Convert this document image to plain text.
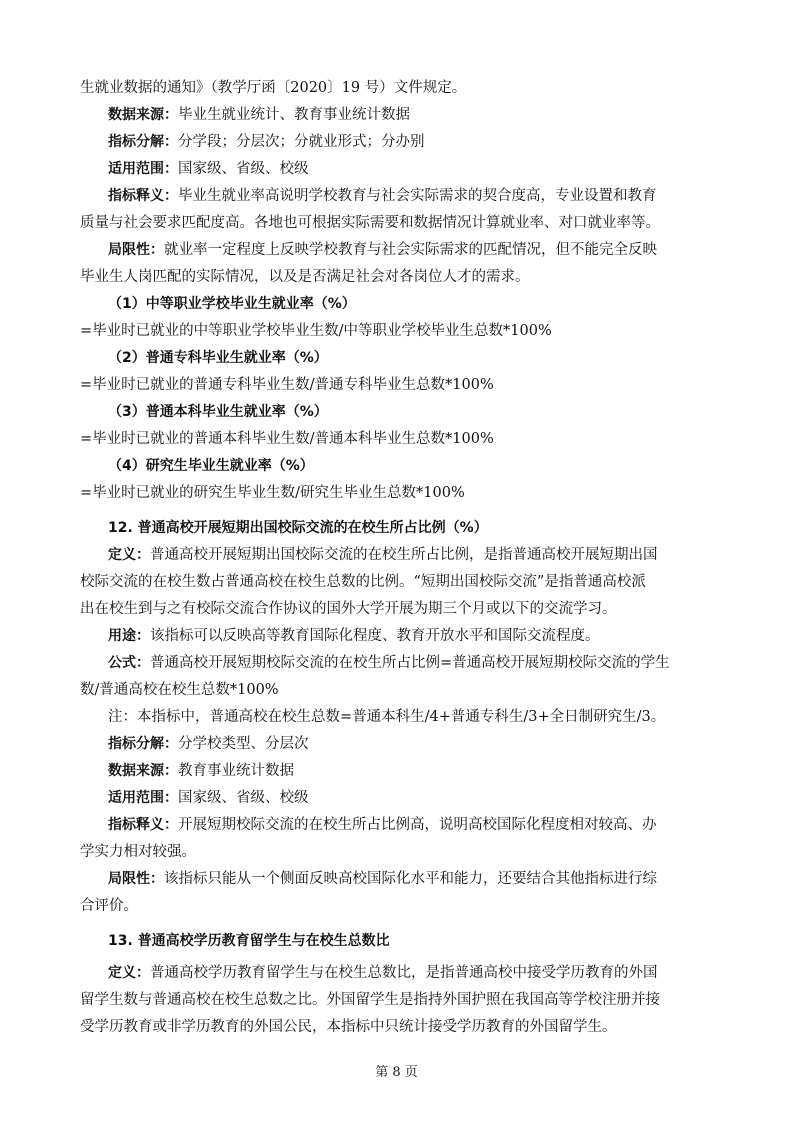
生就业数据的通知》（教学厅函〔2020〕19 号）文件规定。
数据来源：毕业生就业统计、教育事业统计数据
指标分解：分学段；分层次；分就业形式；分办别
适用范围：国家级、省级、校级
指标释义：毕业生就业率高说明学校教育与社会实际需求的契合度高，专业设置和教育
质量与社会要求匹配度高。各地也可根据实际需要和数据情况计算就业率、对口就业率等。
局限性：就业率一定程度上反映学校教育与社会实际需求的匹配情况，但不能完全反映
毕业生人岗匹配的实际情况，以及是否满足社会对各岗位人才的需求。
（1）中等职业学校毕业生就业率（%）
=毕业时已就业的中等职业学校毕业生数/中等职业学校毕业生总数*100%
（2）普通专科毕业生就业率（%）
=毕业时已就业的普通专科毕业生数/普通专科毕业生总数*100%
（3）普通本科毕业生就业率（%）
=毕业时已就业的普通本科毕业生数/普通本科毕业生总数*100%
（4）研究生毕业生就业率（%）
=毕业时已就业的研究生毕业生数/研究生毕业生总数*100%
12. 普通高校开展短期出国校际交流的在校生所占比例（%）
定义：普通高校开展短期出国校际交流的在校生所占比例，是指普通高校开展短期出国
校际交流的在校生数占普通高校在校生总数的比例。“短期出国校际交流”是指普通高校派
出在校生到与之有校际交流合作协议的国外大学开展为期三个月或以下的交流学习。
用途：该指标可以反映高等教育国际化程度、教育开放水平和国际交流程度。
公式：普通高校开展短期校际交流的在校生所占比例=普通高校开展短期校际交流的学生
数/普通高校在校生总数*100%
注：本指标中，普通高校在校生总数=普通本科生/4+普通专科生/3+全日制研究生/3。
指标分解：分学校类型、分层次
数据来源：教育事业统计数据
适用范围：国家级、省级、校级
指标释义：开展短期校际交流的在校生所占比例高，说明高校国际化程度相对较高、办
学实力相对较强。
局限性：该指标只能从一个侧面反映高校国际化水平和能力，还要结合其他指标进行综
合评价。
13. 普通高校学历教育留学生与在校生总数比
定义：普通高校学历教育留学生与在校生总数比，是指普通高校中接受学历教育的外国
留学生数与普通高校在校生总数之比。外国留学生是指持外国护照在我国高等学校注册并接
受学历教育或非学历教育的外国公民，本指标中只统计接受学历教育的外国留学生。
第 8 页
